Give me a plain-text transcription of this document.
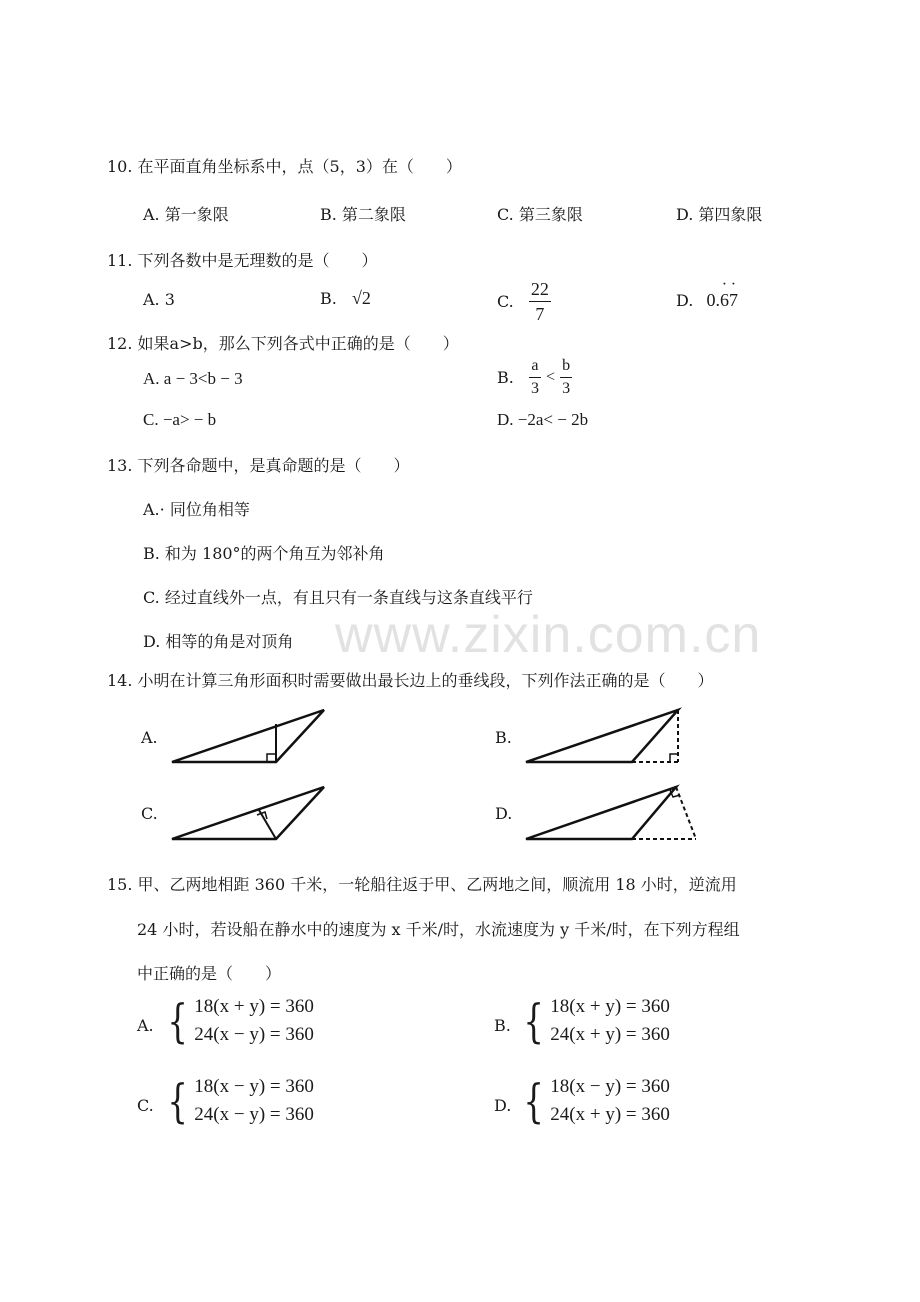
www.zixin.com.cn
10. 在平面直角坐标系中，点（5，3）在（　　）
A. 第一象限	B. 第二象限	C. 第三象限	D. 第四象限
11. 下列各数中是无理数的是（　　）
A. 3	B. √2	C. $\frac{22}{7}$	D. 0.· 6· 7
12. 如果a>b，那么下列各式中正确的是（　　）
A. a − 3<b − 3	B. $\frac{a}{3} < \frac{b}{3}$
C. −a> − b	D. −2a< − 2b
13. 下列各命题中，是真命题的是（　　）
A.· 同位角相等
B. 和为 180°的两个角互为邻补角
C. 经过直线外一点，有且只有一条直线与这条直线平行
D. 相等的角是对顶角
14. 小明在计算三角形面积时需要做出最长边上的垂线段，下列作法正确的是（　　）
A.	B.
C.	D.
15. 甲、乙两地相距 360 千米，一轮船往返于甲、乙两地之间，顺流用 18 小时，逆流用
24 小时，若设船在静水中的速度为 x 千米/时，水流速度为 y 千米/时，在下列方程组
中正确的是（　　）
A. { 18(x + y) = 360
24(x − y) = 360	B. { 18(x + y) = 360
24(x + y) = 360
C. { 18(x − y) = 360
24(x − y) = 360	D. { 18(x − y) = 360
24(x + y) = 360
